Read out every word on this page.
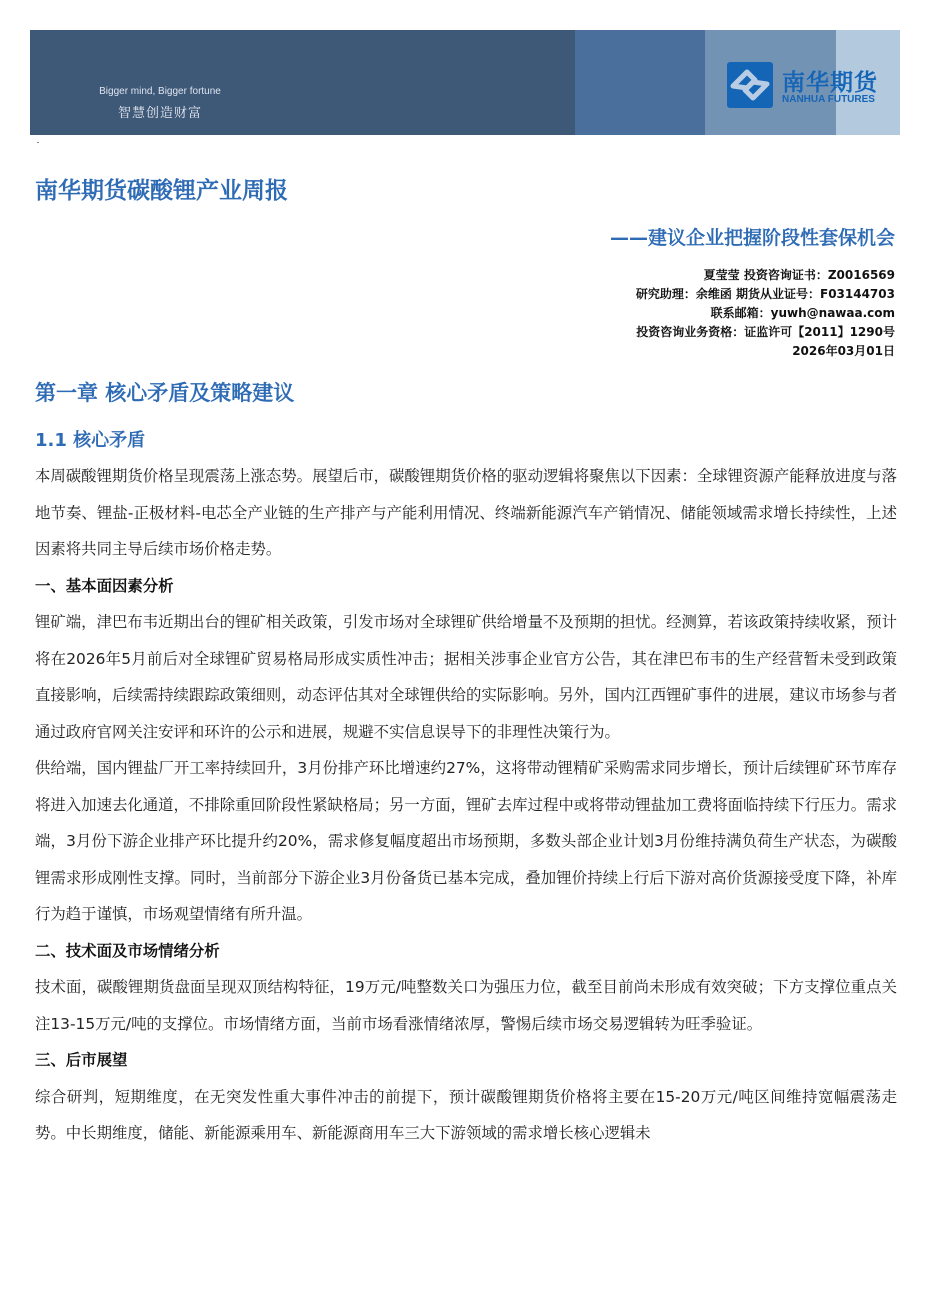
Bigger mind, Bigger fortune
智慧创造财富
南华期货
NANHUA FUTURES
南华期货碳酸锂产业周报
——建议企业把握阶段性套保机会
夏莹莹 投资咨询证书：Z0016569
研究助理：余维函 期货从业证号：F03144703
联系邮箱：yuwh@nawaa.com
投资咨询业务资格：证监许可【2011】1290号
2026年03月01日
第一章 核心矛盾及策略建议
1.1 核心矛盾

本周碳酸锂期货价格呈现震荡上涨态势。展望后市，碳酸锂期货价格的驱动逻辑将聚焦以下因素：全球锂资源产能释放进度与落地节奏、锂盐-正极材料-电芯全产业链的生产排产与产能利用情况、终端新能源汽车产销情况、储能领域需求增长持续性，上述因素将共同主导后续市场价格走势。

一、基本面因素分析

锂矿端，津巴布韦近期出台的锂矿相关政策，引发市场对全球锂矿供给增量不及预期的担忧。经测算，若该政策持续收紧，预计将在2026年5月前后对全球锂矿贸易格局形成实质性冲击；据相关涉事企业官方公告，其在津巴布韦的生产经营暂未受到政策直接影响，后续需持续跟踪政策细则，动态评估其对全球锂供给的实际影响。另外，国内江西锂矿事件的进展，建议市场参与者通过政府官网关注安评和环许的公示和进展，规避不实信息误导下的非理性决策行为。

供给端，国内锂盐厂开工率持续回升，3月份排产环比增速约27%，这将带动锂精矿采购需求同步增长，预计后续锂矿环节库存将进入加速去化通道，不排除重回阶段性紧缺格局；另一方面，锂矿去库过程中或将带动锂盐加工费将面临持续下行压力。需求端，3月份下游企业排产环比提升约20%，需求修复幅度超出市场预期，多数头部企业计划3月份维持满负荷生产状态，为碳酸锂需求形成刚性支撑。同时，当前部分下游企业3月份备货已基本完成，叠加锂价持续上行后下游对高价货源接受度下降，补库行为趋于谨慎，市场观望情绪有所升温。

二、技术面及市场情绪分析

技术面，碳酸锂期货盘面呈现双顶结构特征，19万元/吨整数关口为强压力位，截至目前尚未形成有效突破；下方支撑位重点关注13-15万元/吨的支撑位。市场情绪方面，当前市场看涨情绪浓厚，警惕后续市场交易逻辑转为旺季验证。

三、后市展望

综合研判，短期维度，在无突发性重大事件冲击的前提下，预计碳酸锂期货价格将主要在15-20万元/吨区间维持宽幅震荡走势。中长期维度，储能、新能源乘用车、新能源商用车三大下游领域的需求增长核心逻辑未
